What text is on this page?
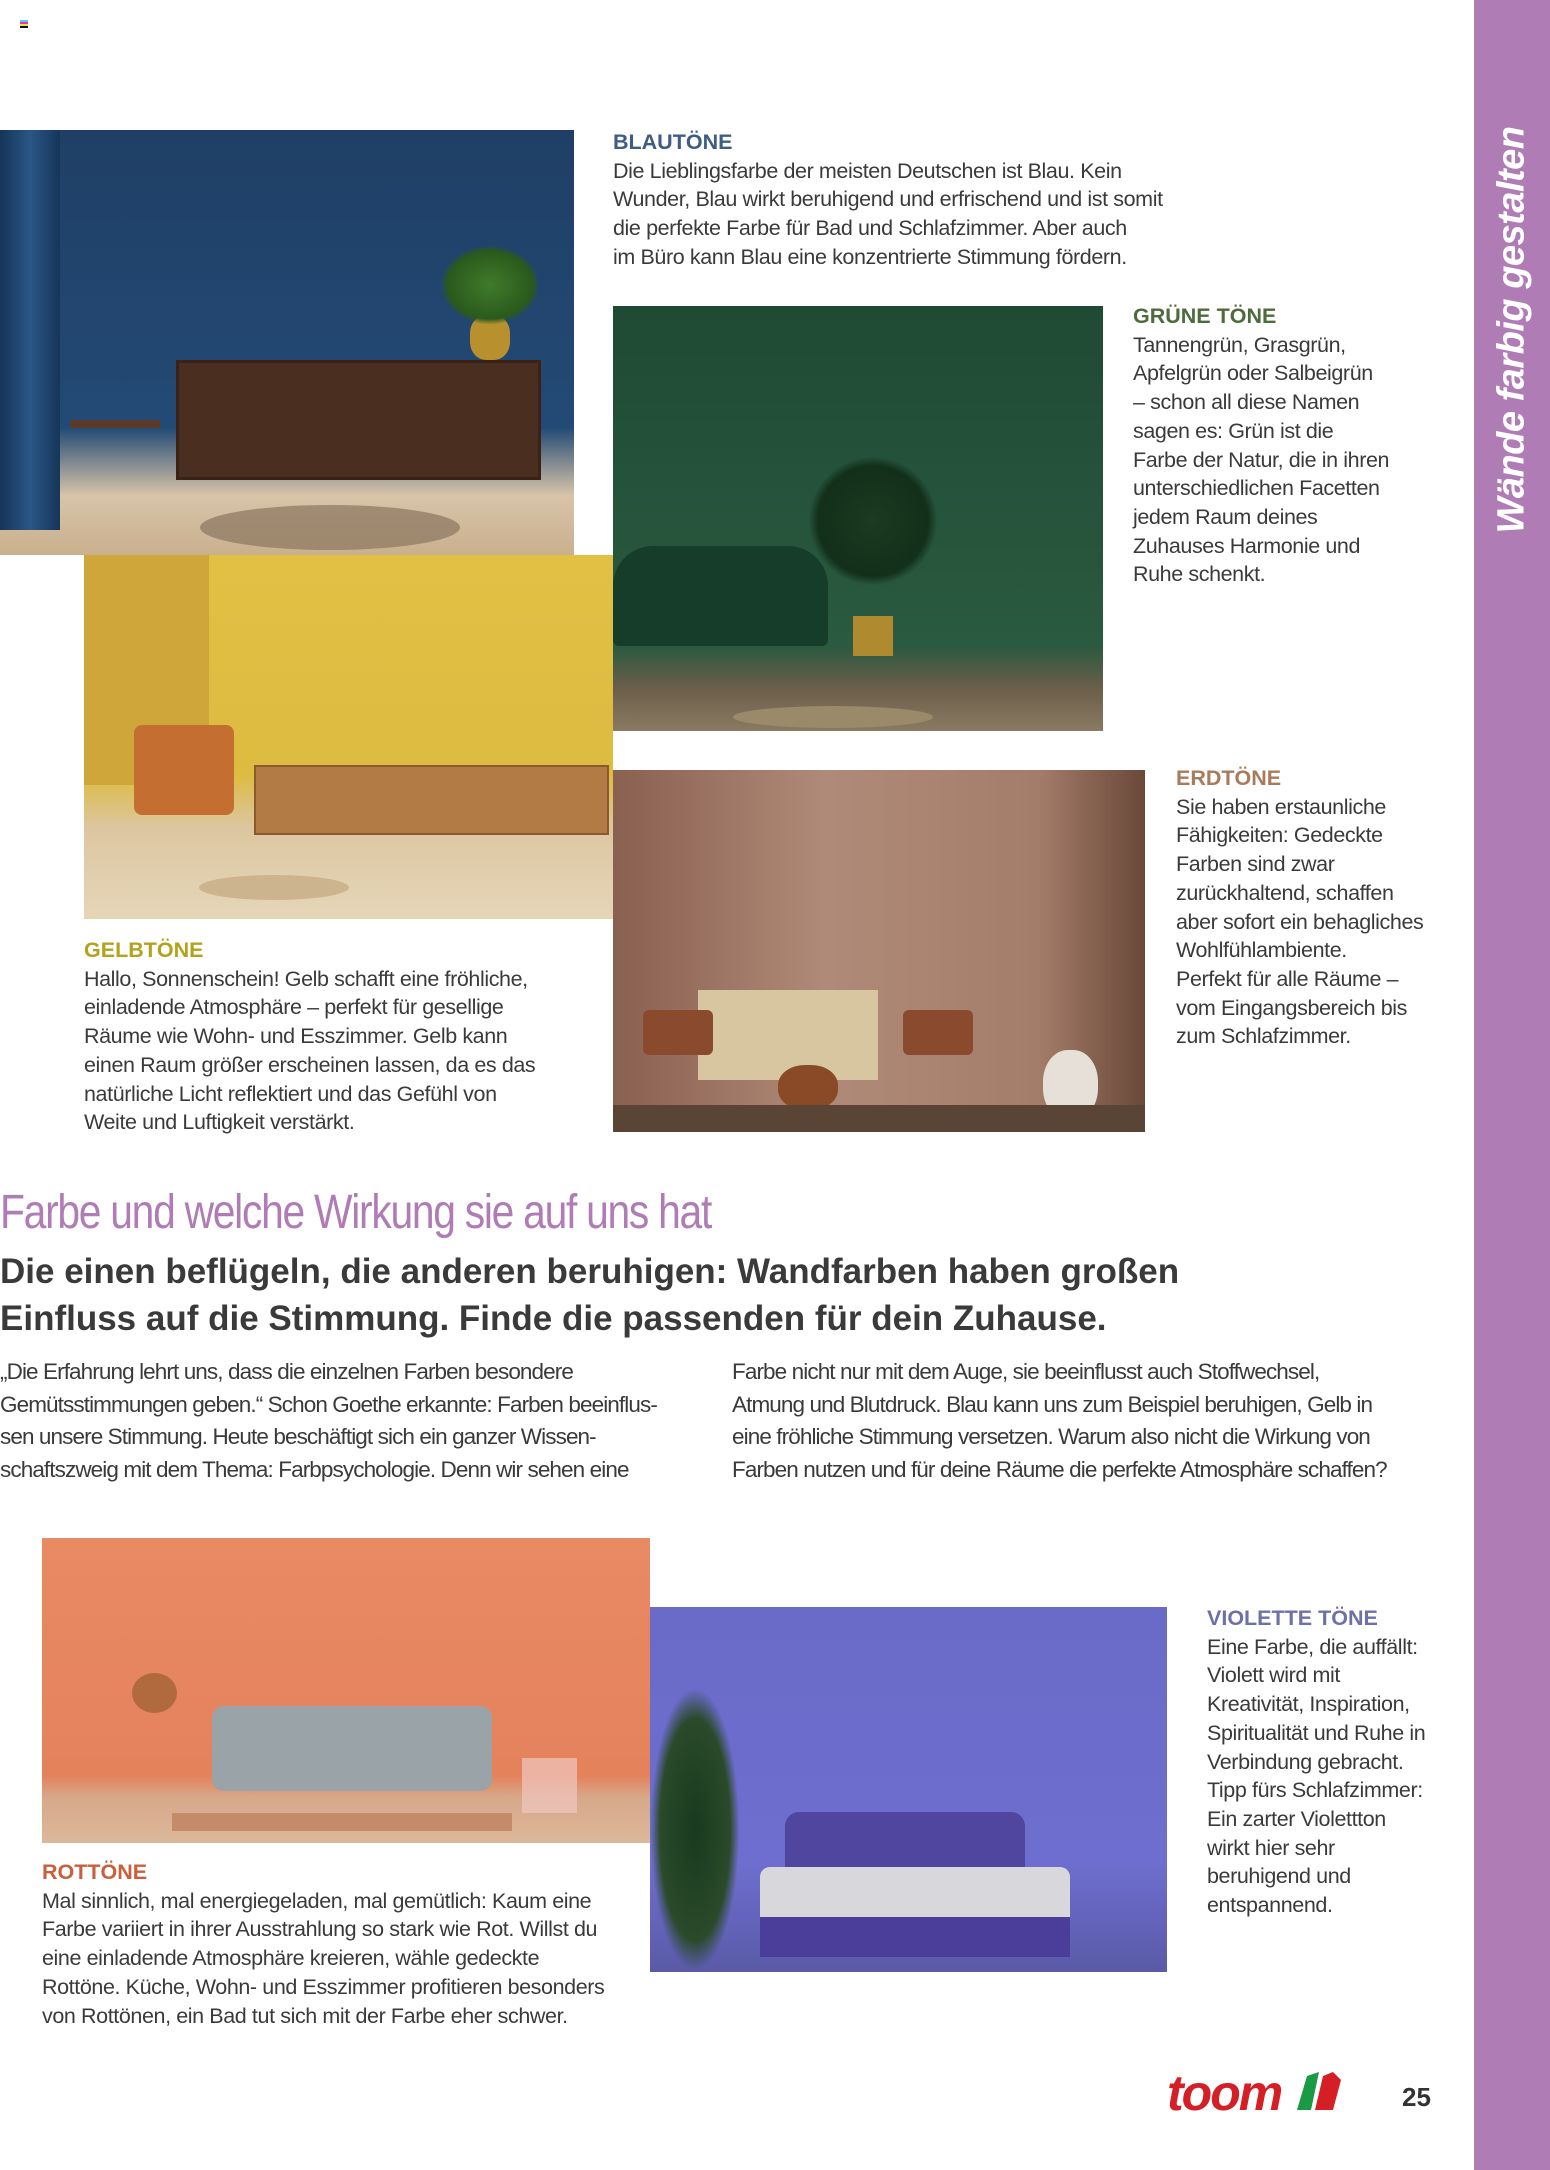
Wände farbig gestalten
BLAUTÖNE

Die Lieblingsfarbe der meisten Deutschen ist Blau. Kein
Wunder, Blau wirkt beruhigend und erfrischend und ist somit
die perfekte Farbe für Bad und Schlafzimmer. Aber auch
im Büro kann Blau eine konzentrierte Stimmung fördern.

GRÜNE TÖNE

Tannengrün, Grasgrün,
Apfelgrün oder Salbeigrün
– schon all diese Namen
sagen es: Grün ist die
Farbe der Natur, die in ihren
unterschiedlichen Facetten
jedem Raum deines
Zuhauses Harmonie und
Ruhe schenkt.

GELBTÖNE

Hallo, Sonnenschein! Gelb schafft eine fröhliche,
einladende Atmosphäre – perfekt für gesellige
Räume wie Wohn- und Esszimmer. Gelb kann
einen Raum größer erscheinen lassen, da es das
natürliche Licht reflektiert und das Gefühl von
Weite und Luftigkeit verstärkt.

ERDTÖNE

Sie haben erstaunliche
Fähigkeiten: Gedeckte
Farben sind zwar
zurückhaltend, schaffen
aber sofort ein behagliches
Wohlfühlambiente.
Perfekt für alle Räume –
vom Eingangsbereich bis
zum Schlafzimmer.

Farbe und welche Wirkung sie auf uns hat
Die einen beflügeln, die anderen beruhigen: Wandfarben haben großen
Einfluss auf die Stimmung. Finde die passenden für dein Zuhause.
„Die Erfahrung lehrt uns, dass die einzelnen Farben besondere
Gemütsstimmungen geben.“ Schon Goethe erkannte: Farben beeinflus-
sen unsere Stimmung. Heute beschäftigt sich ein ganzer Wissen-
schaftszweig mit dem Thema: Farbpsychologie. Denn wir sehen eine
Farbe nicht nur mit dem Auge, sie beeinflusst auch Stoffwechsel,
Atmung und Blutdruck. Blau kann uns zum Beispiel beruhigen, Gelb in
eine fröhliche Stimmung versetzen. Warum also nicht die Wirkung von
Farben nutzen und für deine Räume die perfekte Atmosphäre schaffen?
ROTTÖNE

Mal sinnlich, mal energiegeladen, mal gemütlich: Kaum eine
Farbe variiert in ihrer Ausstrahlung so stark wie Rot. Willst du
eine einladende Atmosphäre kreieren, wähle gedeckte
Rottöne. Küche, Wohn- und Esszimmer profitieren besonders
von Rottönen, ein Bad tut sich mit der Farbe eher schwer.

VIOLETTE TÖNE

Eine Farbe, die auffällt:
Violett wird mit
Kreativität, Inspiration,
Spiritualität und Ruhe in
Verbindung gebracht.
Tipp fürs Schlafzimmer:
Ein zarter Violettton
wirkt hier sehr
beruhigend und
entspannend.

toom	25
